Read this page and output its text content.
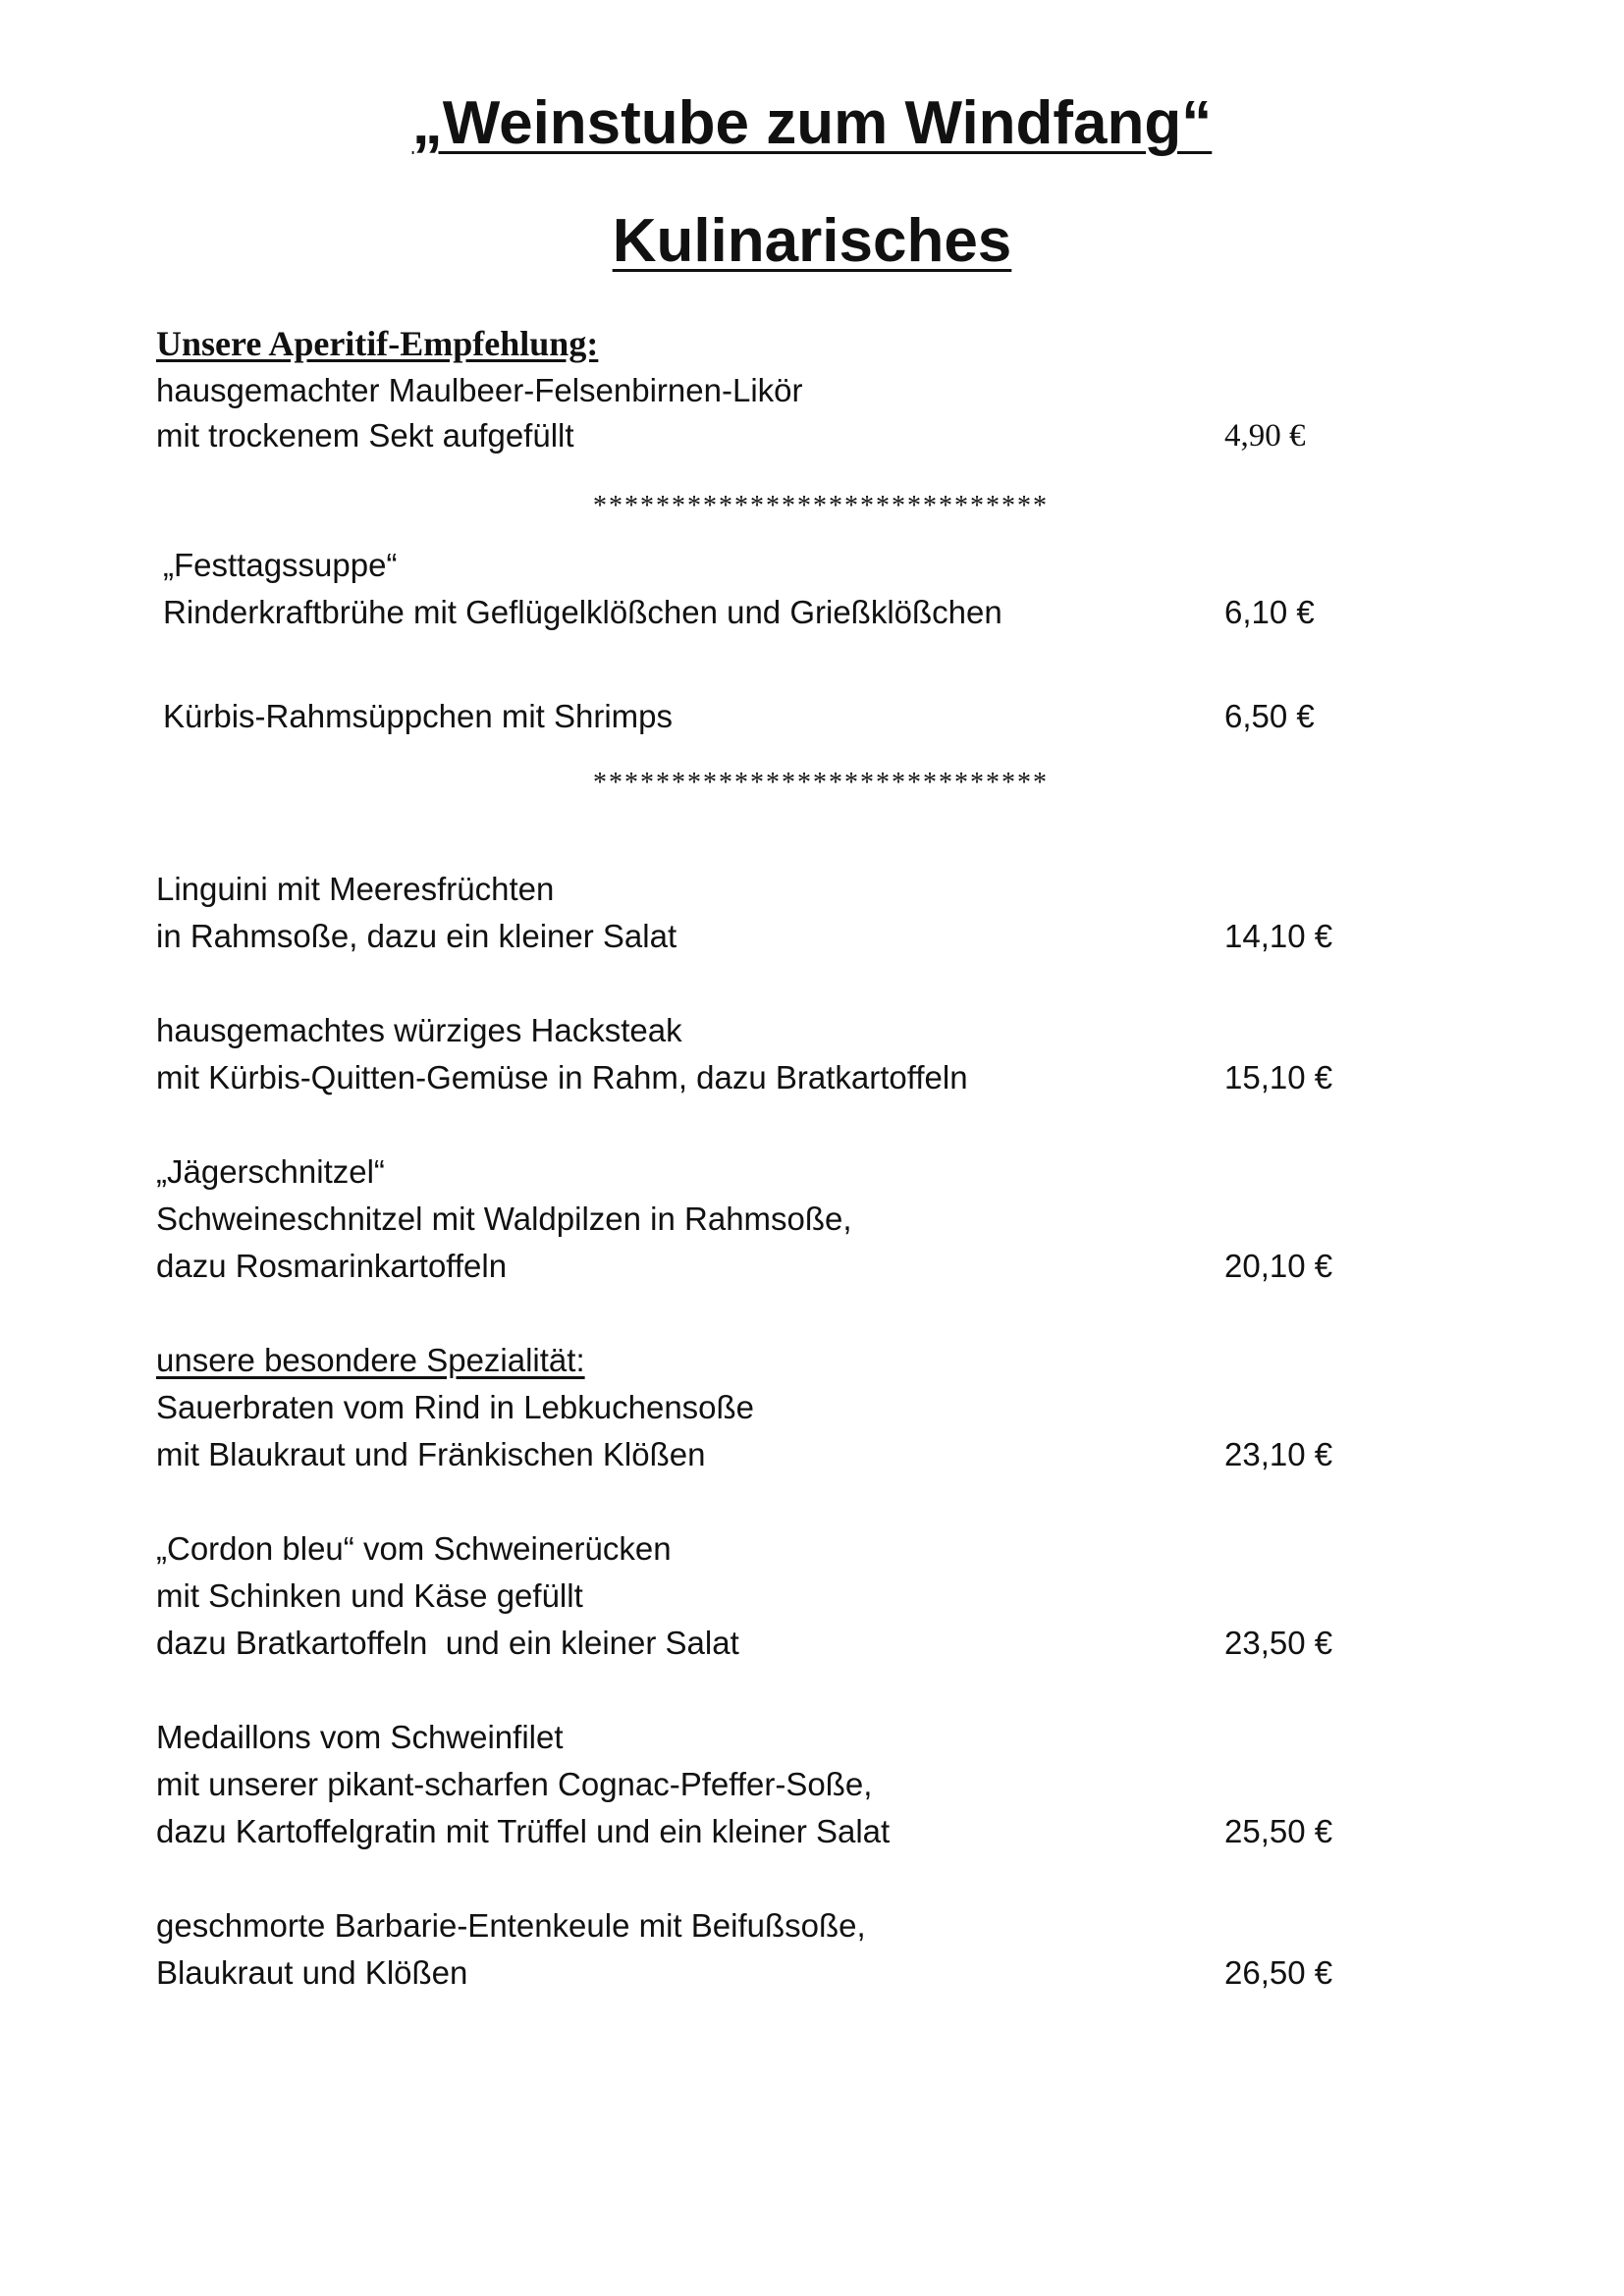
„Weinstube zum Windfang“
Kulinarisches
Unsere Aperitif-Empfehlung:
hausgemachter Maulbeer-Felsenbirnen-Likör
mit trockenem Sekt aufgefüllt	4,90 €
*****************************
„Festtagssuppe“
Rinderkraftbrühe mit Geflügelklößchen und Grießklößchen	6,10 €
Kürbis-Rahmsüppchen mit Shrimps	6,50 €
*****************************
Linguini mit Meeresfrüchten
in Rahmsoße, dazu ein kleiner Salat	14,10 €
hausgemachtes würziges Hacksteak
mit Kürbis-Quitten-Gemüse in Rahm, dazu Bratkartoffeln	15,10 €
„Jägerschnitzel“
Schweineschnitzel mit Waldpilzen in Rahmsoße,
dazu Rosmarinkartoffeln	20,10 €
unsere besondere Spezialität:
Sauerbraten vom Rind in Lebkuchensoße
mit Blaukraut und Fränkischen Klößen	23,10 €
„Cordon bleu“ vom Schweinerücken
mit Schinken und Käse gefüllt
dazu Bratkartoffeln  und ein kleiner Salat	23,50 €
Medaillons vom Schweinfilet
mit unserer pikant-scharfen Cognac-Pfeffer-Soße,
dazu Kartoffelgratin mit Trüffel und ein kleiner Salat	25,50 €
geschmorte Barbarie-Entenkeule mit Beifußsoße,
Blaukraut und Klößen	26,50 €
